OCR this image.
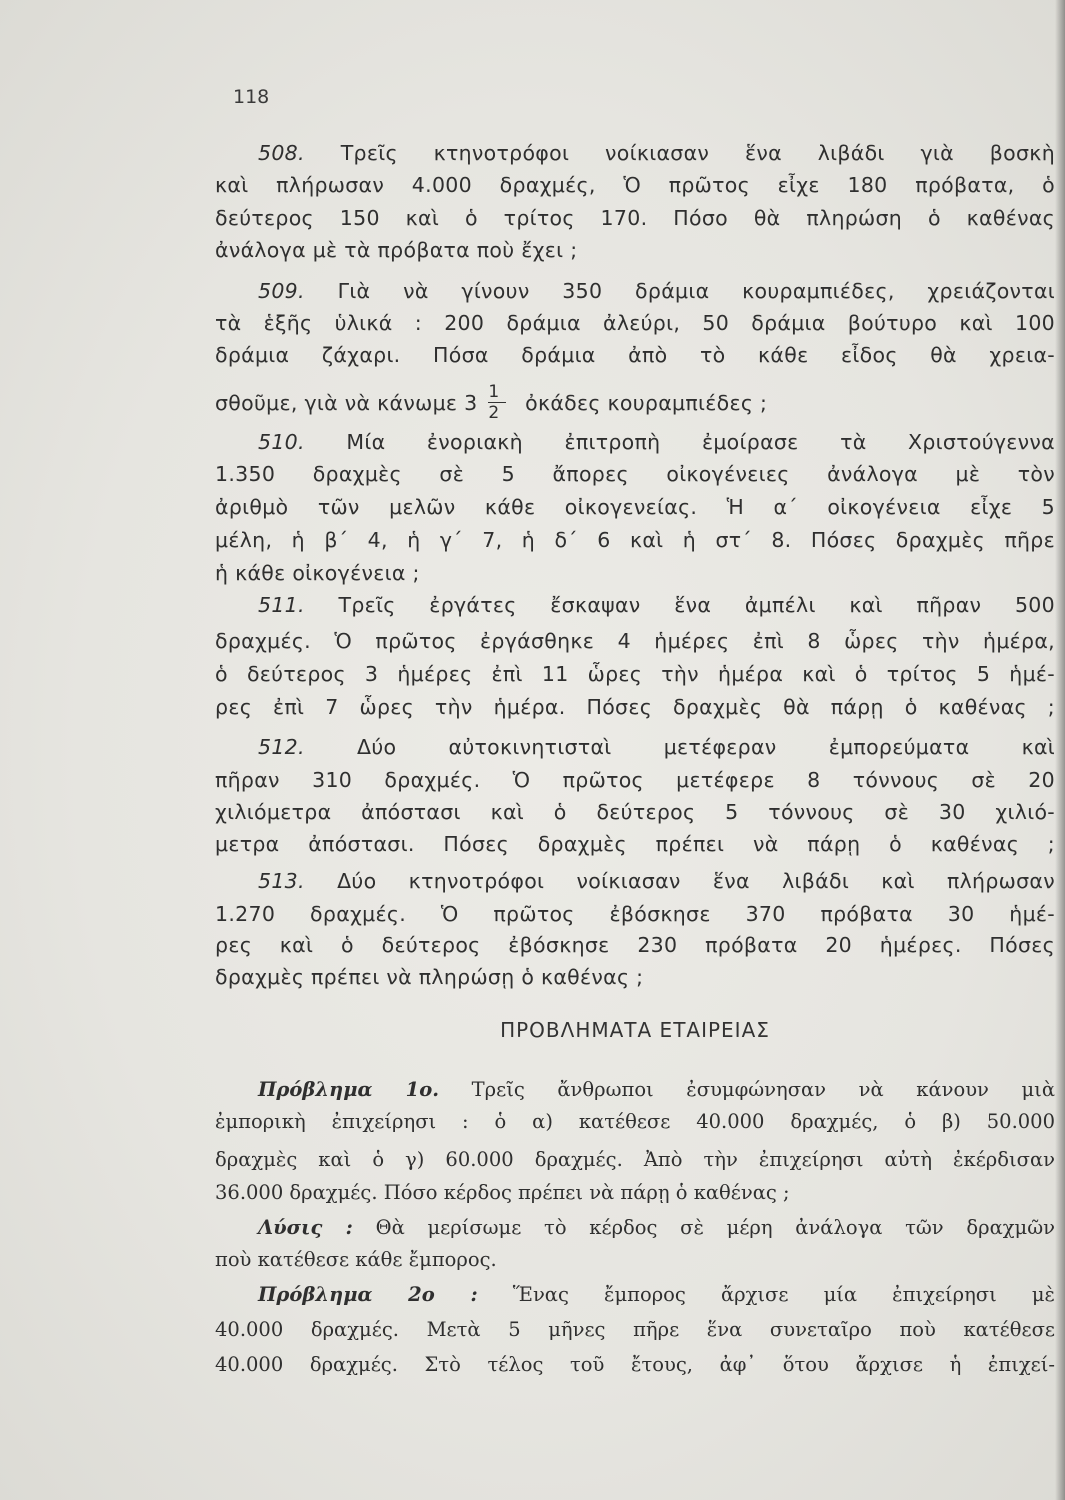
118
508. Τρεῖς κτηνοτρόφοι νοίκιασαν ἕνα λιβάδι γιὰ βοσκὴ
καὶ πλήρωσαν 4.000 δραχμές, Ὁ πρῶτος εἶχε 180 πρόβατα, ὁ
δεύτερος 150 καὶ ὁ τρίτος 170. Πόσο θὰ πληρώση ὁ καθένας
ἀνάλογα μὲ τὰ πρόβατα ποὺ ἔχει ;
509. Γιὰ νὰ γίνουν 350 δράμια κουραμπιέδες, χρειάζονται
τὰ ἑξῆς ὑλικά : 200 δράμια ἀλεύρι, 50 δράμια βούτυρο καὶ 100
δράμια ζάχαρι. Πόσα δράμια ἀπὸ τὸ κάθε εἶδος θὰ χρεια-
σθοῦμε, γιὰ νὰ κάνωμε $3 \frac{1}{2}$ ὀκάδες κουραμπιέδες ;
510. Μία ἐνοριακὴ ἐπιτροπὴ ἐμοίρασε τὰ Χριστούγεννα
1.350 δραχμὲς σὲ 5 ἄπορες οἰκογένειες ἀνάλογα μὲ τὸν
ἀριθμὸ τῶν μελῶν κάθε οἰκογενείας. Ἡ α΄ οἰκογένεια εἶχε 5
μέλη, ἡ β΄ 4, ἡ γ΄ 7, ἡ δ΄ 6 καὶ ἡ στ΄ 8. Πόσες δραχμὲς πῆρε
ἡ κάθε οἰκογένεια ;
511. Τρεῖς ἐργάτες ἔσκαψαν ἕνα ἀμπέλι καὶ πῆραν 500
δραχμές. Ὁ πρῶτος ἐργάσθηκε 4 ἡμέρες ἐπὶ 8 ὧρες τὴν ἡμέρα,
ὁ δεύτερος 3 ἡμέρες ἐπὶ 11 ὧρες τὴν ἡμέρα καὶ ὁ τρίτος 5 ἡμέ-
ρες ἐπὶ 7 ὧρες τὴν ἡμέρα. Πόσες δραχμὲς θὰ πάρῃ ὁ καθένας ;
512.	Δύο αὐτοκινητισταὶ μετέφεραν ἐμπορεύματα καὶ
πῆραν 310 δραχμές. Ὁ πρῶτος μετέφερε 8 τόννους σὲ 20
χιλιόμετρα ἀπόστασι καὶ ὁ δεύτερος 5 τόννους σὲ 30 χιλιό-
μετρα ἀπόστασι. Πόσες δραχμὲς πρέπει νὰ πάρῃ ὁ καθένας ;
513. Δύο κτηνοτρόφοι νοίκιασαν ἕνα λιβάδι καὶ πλήρωσαν
1.270 δραχμές. Ὁ πρῶτος ἐβόσκησε 370 πρόβατα 30 ἡμέ-
ρες καὶ ὁ δεύτερος ἐβόσκησε 230 πρόβατα 20 ἡμέρες. Πόσες
δραχμὲς πρέπει νὰ πληρώσῃ ὁ καθένας ;
ΠΡΟΒΛΗΜΑΤΑ ΕΤΑΙΡΕΙΑΣ
Πρόβλημα 1ο. Τρεῖς ἄνθρωποι ἐσυμφώνησαν νὰ κάνουν μιὰ
ἐμπορικὴ ἐπιχείρησι : ὁ α) κατέθεσε 40.000 δραχμές, ὁ β) 50.000
δραχμὲς καὶ ὁ γ) 60.000 δραχμές. Ἀπὸ τὴν ἐπιχείρησι αὐτὴ ἐκέρδισαν
36.000 δραχμές. Πόσο κέρδος πρέπει νὰ πάρῃ ὁ καθένας ;
Λύσις : Θὰ μερίσωμε τὸ κέρδος σὲ μέρη ἀνάλογα τῶν δραχμῶν
ποὺ κατέθεσε κάθε ἔμπορος.
Πρόβλημα 2ο : Ἕνας ἔμπορος ἄρχισε μία ἐπιχείρησι μὲ
40.000 δραχμές. Μετὰ 5 μῆνες πῆρε ἕνα συνεταῖρο ποὺ κατέθεσε
40.000 δραχμές. Στὸ τέλος τοῦ ἔτους, ἀφ᾽ ὅτου ἄρχισε ἡ ἐπιχεί-
